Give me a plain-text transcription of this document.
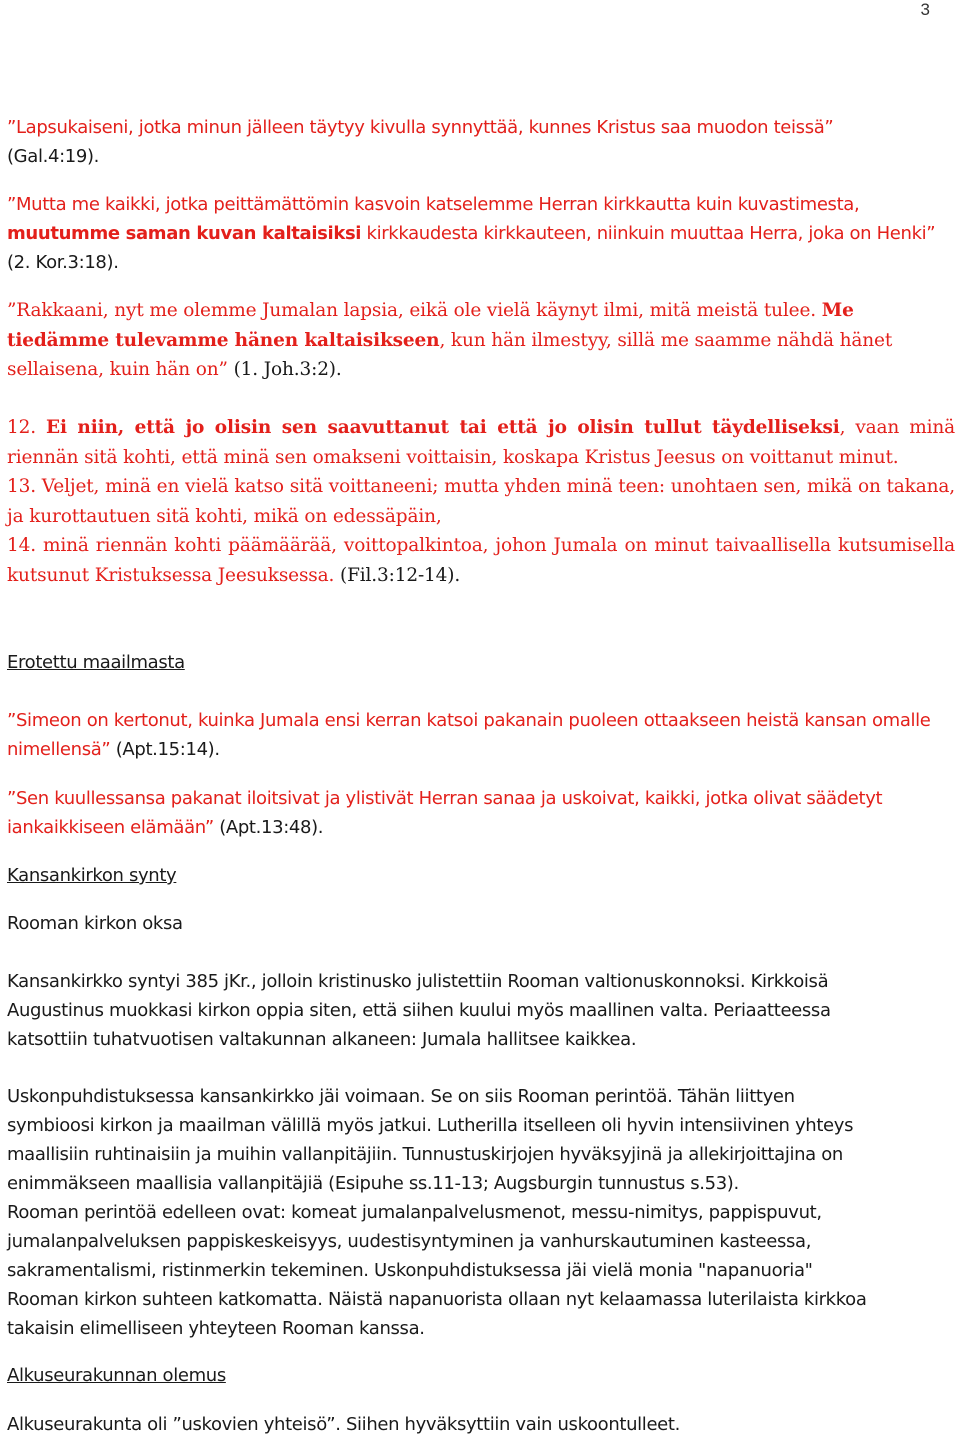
3

”Lapsukaiseni, jotka minun jälleen täytyy kivulla synnyttää, kunnes Kristus saa muodon teissä”
(Gal.4:19).

”Mutta me kaikki, jotka peittämättömin kasvoin katselemme Herran kirkkautta kuin kuvastimesta, muutumme saman kuvan kaltaisiksi kirkkaudesta kirkkauteen, niinkuin muuttaa Herra, joka on Henki” (2. Kor.3:18).

”Rakkaani, nyt me olemme Jumalan lapsia, eikä ole vielä käynyt ilmi, mitä meistä tulee. Me tiedämme tulevamme hänen kaltaisikseen, kun hän ilmestyy, sillä me saamme nähdä hänet sellaisena, kuin hän on” (1. Joh.3:2).

12. Ei niin, että jo olisin sen saavuttanut tai että jo olisin tullut täydelliseksi, vaan minä riennän sitä kohti, että minä sen omakseni voittaisin, koskapa Kristus Jeesus on voittanut minut.
13. Veljet, minä en vielä katso sitä voittaneeni; mutta yhden minä teen: unohtaen sen, mikä on takana, ja kurottautuen sitä kohti, mikä on edessäpäin,
14. minä riennän kohti päämäärää, voittopalkintoa, johon Jumala on minut taivaallisella kutsumisella kutsunut Kristuksessa Jeesuksessa. (Fil.3:12-14).

Erotettu maailmasta

”Simeon on kertonut, kuinka Jumala ensi kerran katsoi pakanain puoleen ottaakseen heistä kansan omalle nimellensä” (Apt.15:14).

”Sen kuullessansa pakanat iloitsivat ja ylistivät Herran sanaa ja uskoivat, kaikki, jotka olivat säädetyt iankaikkiseen elämään” (Apt.13:48).

Kansankirkon synty

Rooman kirkon oksa

Kansankirkko syntyi 385 jKr., jolloin kristinusko julistettiin Rooman valtionuskonnoksi. Kirkkoisä
Augustinus muokkasi kirkon oppia siten, että siihen kuului myös maallinen valta. Periaatteessa
katsottiin tuhatvuotisen valtakunnan alkaneen: Jumala hallitsee kaikkea.

Uskonpuhdistuksessa kansankirkko jäi voimaan. Se on siis Rooman perintöä. Tähän liittyen
symbioosi kirkon ja maailman välillä myös jatkui. Lutherilla itselleen oli hyvin intensiivinen yhteys
maallisiin ruhtinaisiin ja muihin vallanpitäjiin. Tunnustuskirjojen hyväksyjinä ja allekirjoittajina on
enimmäkseen maallisia vallanpitäjiä (Esipuhe ss.11-13; Augsburgin tunnustus s.53).
Rooman perintöä edelleen ovat: komeat jumalanpalvelusmenot, messu-nimitys, pappispuvut,
jumalanpalveluksen pappiskeskeisyys, uudestisyntyminen ja vanhurskautuminen kasteessa,
sakramentalismi, ristinmerkin tekeminen. Uskonpuhdistuksessa jäi vielä monia "napanuoria"
Rooman kirkon suhteen katkomatta. Näistä napanuorista ollaan nyt kelaamassa luterilaista kirkkoa
takaisin elimelliseen yhteyteen Rooman kanssa.

Alkuseurakunnan olemus

Alkuseurakunta oli ”uskovien yhteisö”. Siihen hyväksyttiin vain uskoontulleet.
